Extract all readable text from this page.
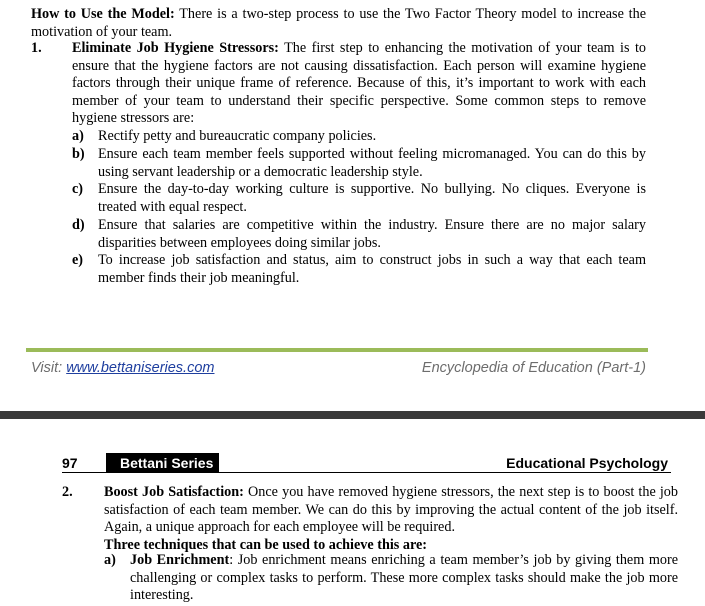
How to Use the Model: There is a two-step process to use the Two Factor Theory model to increase the motivation of your team.
1. Eliminate Job Hygiene Stressors: The first step to enhancing the motivation of your team is to ensure that the hygiene factors are not causing dissatisfaction. Each person will examine hygiene factors through their unique frame of reference. Because of this, it’s important to work with each member of your team to understand their specific perspective. Some common steps to remove hygiene stressors are:
a) Rectify petty and bureaucratic company policies.
b) Ensure each team member feels supported without feeling micromanaged. You can do this by using servant leadership or a democratic leadership style.
c) Ensure the day-to-day working culture is supportive. No bullying. No cliques. Everyone is treated with equal respect.
d) Ensure that salaries are competitive within the industry. Ensure there are no major salary disparities between employees doing similar jobs.
e) To increase job satisfaction and status, aim to construct jobs in such a way that each team member finds their job meaningful.
Visit: www.bettaniseries.com	Encyclopedia of Education (Part-1)
97	Bettani Series	Educational Psychology
2. Boost Job Satisfaction: Once you have removed hygiene stressors, the next step is to boost the job satisfaction of each team member. We can do this by improving the actual content of the job itself. Again, a unique approach for each employee will be required.
Three techniques that can be used to achieve this are:
a) Job Enrichment: Job enrichment means enriching a team member’s job by giving them more challenging or complex tasks to perform. These more complex tasks should make the job more interesting.
